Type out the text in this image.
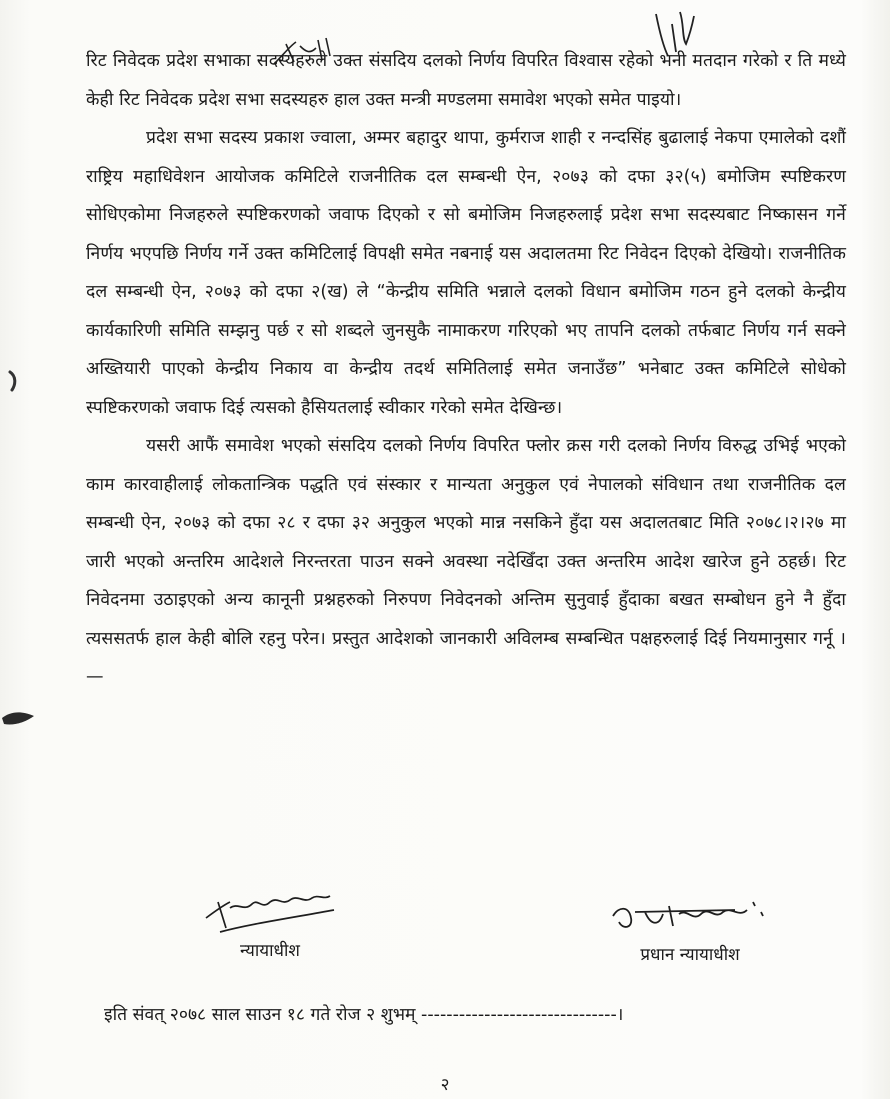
रिट निवेदक प्रदेश सभाका सदस्यहरुले उक्त संसदिय दलको निर्णय विपरित विश्वास रहेको भनी मतदान गरेको र ति मध्ये केही रिट निवेदक प्रदेश सभा सदस्यहरु हाल उक्त मन्त्री मण्डलमा समावेश भएको समेत पाइयो।

प्रदेश सभा सदस्य प्रकाश ज्वाला, अम्मर बहादुर थापा, कुर्मराज शाही र नन्दसिंह बुढालाई नेकपा एमालेको दशौं राष्ट्रिय महाधिवेशन आयोजक कमिटिले राजनीतिक दल सम्बन्धी ऐन, २०७३ को दफा ३२(५) बमोजिम स्पष्टिकरण सोधिएकोमा निजहरुले स्पष्टिकरणको जवाफ दिएको र सो बमोजिम निजहरुलाई प्रदेश सभा सदस्यबाट निष्कासन गर्ने निर्णय भएपछि निर्णय गर्ने उक्त कमिटिलाई विपक्षी समेत नबनाई यस अदालतमा रिट निवेदन दिएको देखियो। राजनीतिक दल सम्बन्धी ऐन, २०७३ को दफा २(ख) ले “केन्द्रीय समिति भन्नाले दलको विधान बमोजिम गठन हुने दलको केन्द्रीय कार्यकारिणी समिति सम्झनु पर्छ र सो शब्दले जुनसुकै नामाकरण गरिएको भए तापनि दलको तर्फबाट निर्णय गर्न सक्ने अख्तियारी पाएको केन्द्रीय निकाय वा केन्द्रीय तदर्थ समितिलाई समेत जनाउँछ” भनेबाट उक्त कमिटिले सोधेको स्पष्टिकरणको जवाफ दिई त्यसको हैसियतलाई स्वीकार गरेको समेत देखिन्छ।

यसरी आफैं समावेश भएको संसदिय दलको निर्णय विपरित फ्लोर क्रस गरी दलको निर्णय विरुद्ध उभिई भएको काम कारवाहीलाई लोकतान्त्रिक पद्धति एवं संस्कार र मान्यता अनुकुल एवं नेपालको संविधान तथा राजनीतिक दल सम्बन्धी ऐन, २०७३ को दफा २८ र दफा ३२ अनुकुल भएको मान्न नसकिने हुँदा यस अदालतबाट मिति २०७८।२।२७ मा जारी भएको अन्तरिम आदेशले निरन्तरता पाउन सक्ने अवस्था नदेखिँदा उक्त अन्तरिम आदेश खारेज हुने ठहर्छ। रिट निवेदनमा उठाइएको अन्य कानूनी प्रश्नहरुको निरुपण निवेदनको अन्तिम सुनुवाई हुँदाका बखत सम्बोधन हुने नै हुँदा त्यससतर्फ हाल केही बोलि रहनु परेन। प्रस्तुत आदेशको जानकारी अविलम्ब सम्बन्धित पक्षहरुलाई दिई नियमानुसार गर्नू ।—

न्यायाधीश	प्रधान न्यायाधीश
इति संवत् २०७८ साल साउन १८ गते रोज २ शुभम् -------------------------------।
२
